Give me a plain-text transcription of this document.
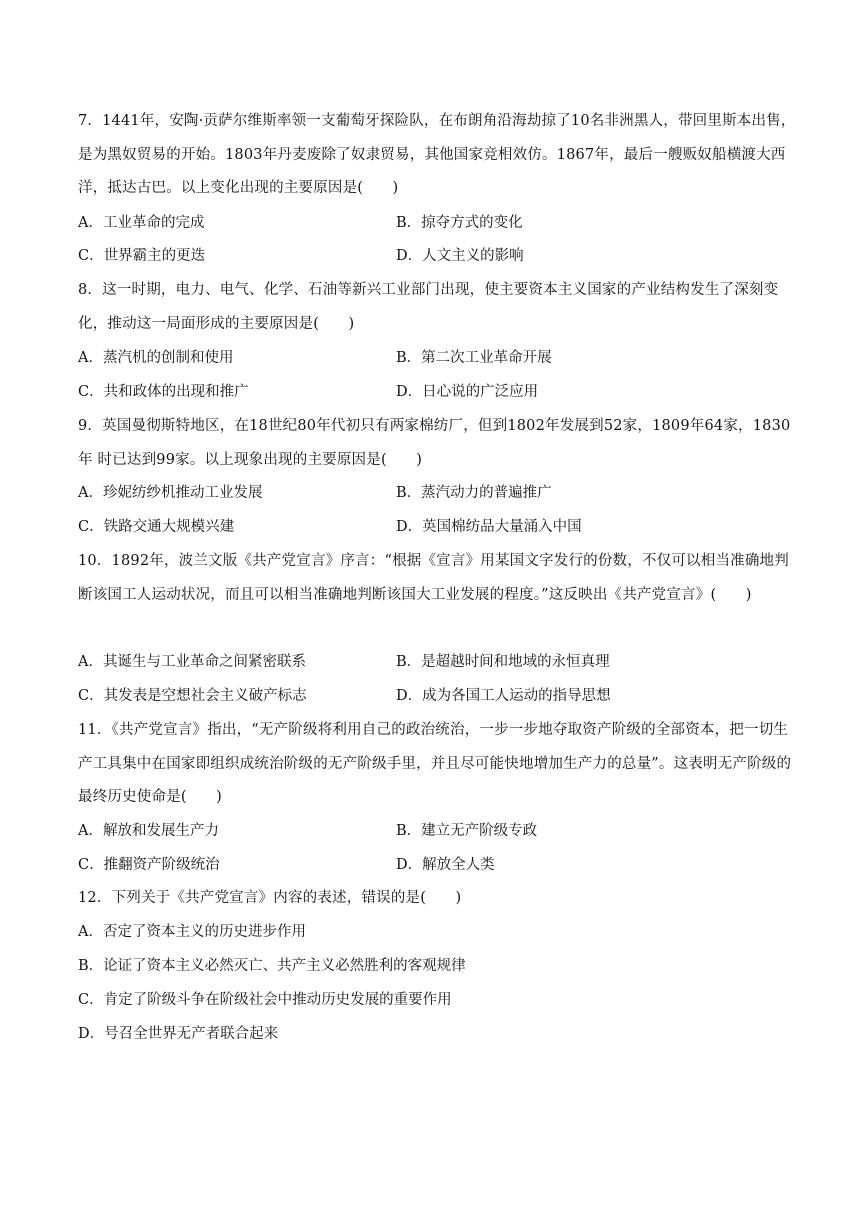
7．1441年，安陶·贡萨尔维斯率领一支葡萄牙探险队，在布朗角沿海劫掠了10名非洲黑人，带回里斯本出售，是为黑奴贸易的开始。1803年丹麦废除了奴隶贸易，其他国家竞相效仿。1867年，最后一艘贩奴船横渡大西洋，抵达古巴。以上变化出现的主要原因是(　　)
A．工业革命的完成	B．掠夺方式的变化
C．世界霸主的更迭	D．人文主义的影响
8．这一时期，电力、电气、化学、石油等新兴工业部门出现，使主要资本主义国家的产业结构发生了深刻变化，推动这一局面形成的主要原因是(　　)
A．蒸汽机的创制和使用	B．第二次工业革命开展
C．共和政体的出现和推广	D．日心说的广泛应用
9．英国曼彻斯特地区，在18世纪80年代初只有两家棉纺厂，但到1802年发展到52家，1809年64家，1830年 时已达到99家。以上现象出现的主要原因是(　　)
A．珍妮纺纱机推动工业发展	B．蒸汽动力的普遍推广
C．铁路交通大规模兴建	D．英国棉纺品大量涌入中国
10．1892年，波兰文版《共产党宣言》序言：“根据《宣言》用某国文字发行的份数，不仅可以相当准确地判断该国工人运动状况，而且可以相当准确地判断该国大工业发展的程度。”这反映出《共产党宣言》(　　)
A．其诞生与工业革命之间紧密联系	B．是超越时间和地域的永恒真理
C．其发表是空想社会主义破产标志	D．成为各国工人运动的指导思想
11．《共产党宣言》指出，“无产阶级将利用自己的政治统治，一步一步地夺取资产阶级的全部资本，把一切生产工具集中在国家即组织成统治阶级的无产阶级手里，并且尽可能快地增加生产力的总量”。这表明无产阶级的最终历史使命是(　　)
A．解放和发展生产力	B．建立无产阶级专政
C．推翻资产阶级统治	D．解放全人类
12．下列关于《共产党宣言》内容的表述，错误的是(　　)
A．否定了资本主义的历史进步作用
B．论证了资本主义必然灭亡、共产主义必然胜利的客观规律
C．肯定了阶级斗争在阶级社会中推动历史发展的重要作用
D．号召全世界无产者联合起来
